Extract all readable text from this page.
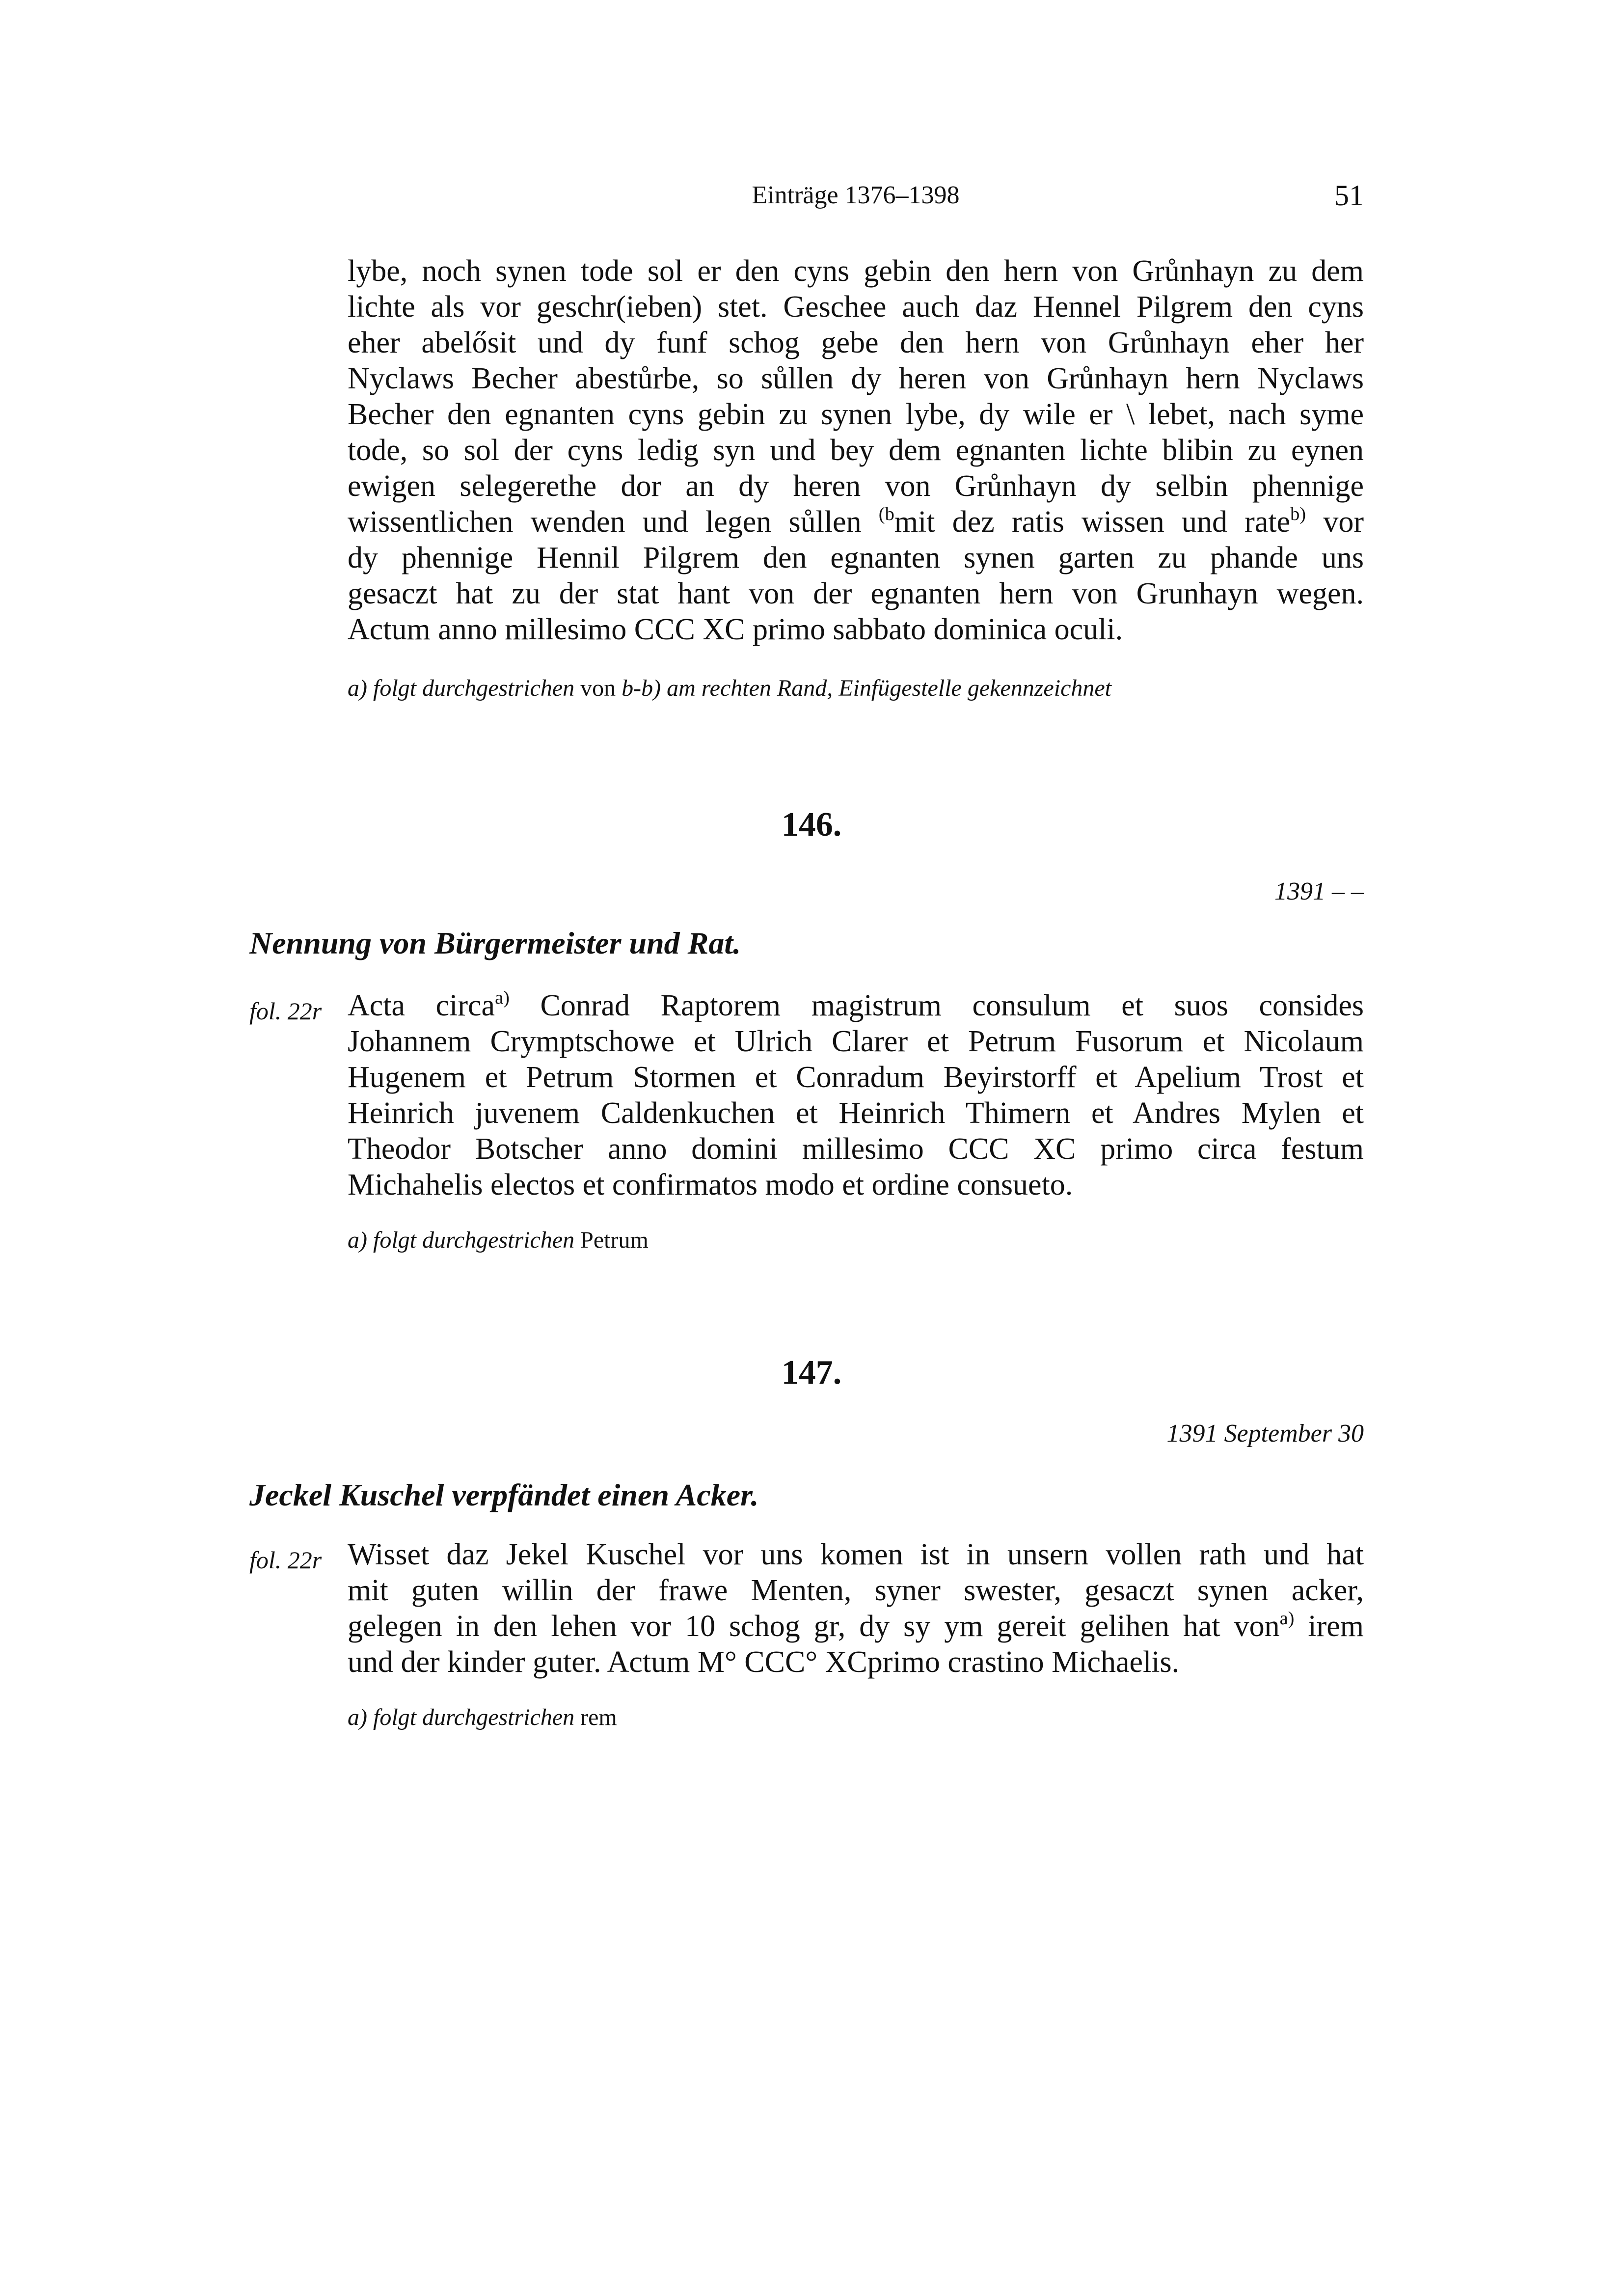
Einträge 1376–1398	51

lybe, noch synen tode sol er den cyns gebin den hern von Grůnhayn zu dem
lichte als vor geschr(ieben) stet. Geschee auch daz Hennel Pilgrem den cyns
eher abelősit und dy funf schog gebe den hern von Grůnhayn eher her
Nyclaws Becher abestůrbe, so sůllen dy heren von Grůnhayn hern Nyclaws
Becher den egnanten cyns gebin zu synen lybe, dy wile er \ lebet, nach syme
tode, so sol der cyns ledig syn und bey dem egnanten lichte blibin zu eynen
ewigen selegerethe dor an dy heren von Grůnhayn dy selbin phennige
wissentlichen wenden und legen sůllen $^{(b}$mit dez ratis wissen und rate$^{b)}$ vor
dy phennige Hennil Pilgrem den egnanten synen garten zu phande uns
gesaczt hat zu der stat hant von der egnanten hern von Grunhayn wegen.
Actum anno millesimo CCC XC primo sabbato dominica oculi.

a) folgt durchgestrichen von b-b) am rechten Rand, Einfügestelle gekennzeichnet

146.
1391 – –
Nennung von Bürgermeister und Rat.
fol. 22r Acta circa$^{a)}$ Conrad Raptorem magistrum consulum et suos consides
Johannem Crymptschowe et Ulrich Clarer et Petrum Fusorum et Nicolaum
Hugenem et Petrum Stormen et Conradum Beyirstorff et Apelium Trost et
Heinrich juvenem Caldenkuchen et Heinrich Thimern et Andres Mylen et
Theodor Botscher anno domini millesimo CCC XC primo circa festum
Michahelis electos et confirmatos modo et ordine consueto.

a) folgt durchgestrichen Petrum

147.
1391 September 30
Jeckel Kuschel verpfändet einen Acker.
fol. 22r Wisset daz Jekel Kuschel vor uns komen ist in unsern vollen rath und hat
mit guten willin der frawe Menten, syner swester, gesaczt synen acker,
gelegen in den lehen vor 10 schog gr, dy sy ym gereit gelihen hat von$^{a)}$ irem
und der kinder guter. Actum M° CCC° XCprimo crastino Michaelis.

a) folgt durchgestrichen rem
